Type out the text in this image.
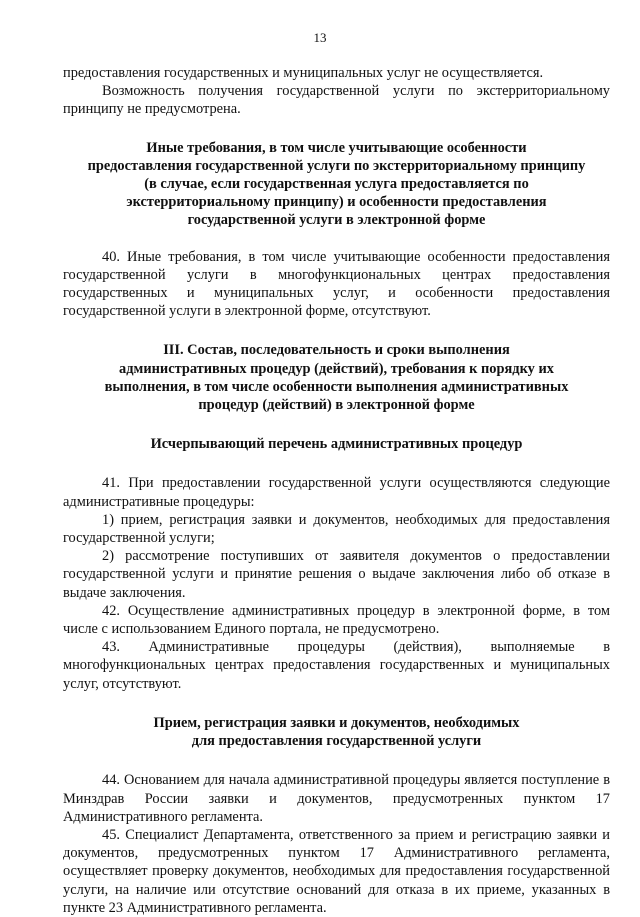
13

предоставления государственных и муниципальных услуг не осуществляется.

Возможность получения государственной услуги по экстерриториальному принципу не предусмотрена.

Иные требования, в том числе учитывающие особенности
предоставления государственной услуги по экстерриториальному принципу
(в случае, если государственная услуга предоставляется по
экстерриториальному принципу) и особенности предоставления
государственной услуги в электронной форме

40. Иные требования, в том числе учитывающие особенности предоставления государственной услуги в многофункциональных центрах предоставления государственных и муниципальных услуг, и особенности предоставления государственной услуги в электронной форме, отсутствуют.

III. Состав, последовательность и сроки выполнения
административных процедур (действий), требования к порядку их
выполнения, в том числе особенности выполнения административных
процедур (действий) в электронной форме
Исчерпывающий перечень административных процедур

41. При предоставлении государственной услуги осуществляются следующие административные процедуры:

1) прием, регистрация заявки и документов, необходимых для предоставления государственной услуги;

2) рассмотрение поступивших от заявителя документов о предоставлении государственной услуги и принятие решения о выдаче заключения либо об отказе в выдаче заключения.

42. Осуществление административных процедур в электронной форме, в том числе с использованием Единого портала, не предусмотрено.

43. Административные процедуры (действия), выполняемые в многофункциональных центрах предоставления государственных и муниципальных услуг, отсутствуют.

Прием, регистрация заявки и документов, необходимых
для предоставления государственной услуги

44. Основанием для начала административной процедуры является поступление в Минздрав России заявки и документов, предусмотренных пунктом 17 Административного регламента.

45. Специалист Департамента, ответственного за прием и регистрацию заявки и документов, предусмотренных пунктом 17 Административного регламента, осуществляет проверку документов, необходимых для предоставления государственной услуги, на наличие или отсутствие оснований для отказа в их приеме, указанных в пункте 23 Административного регламента.
